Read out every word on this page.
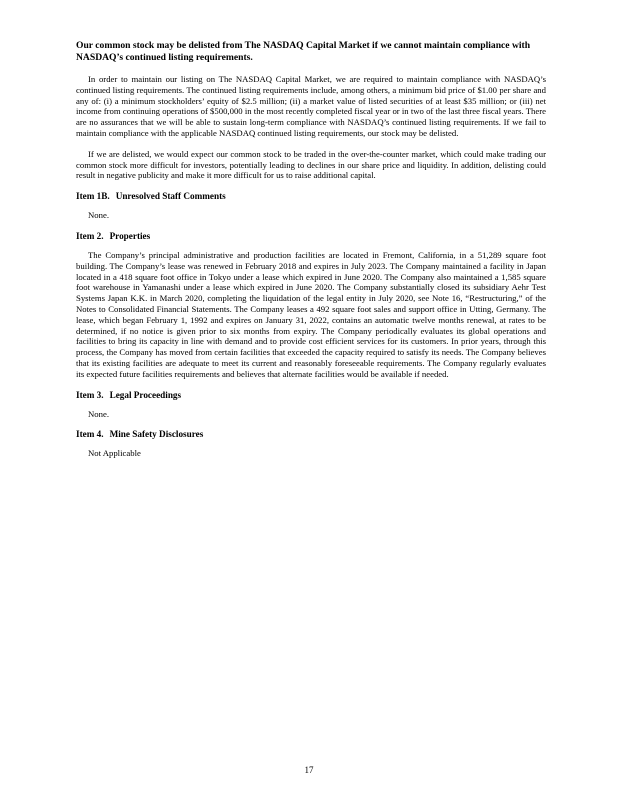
Our common stock may be delisted from The NASDAQ Capital Market if we cannot maintain compliance with NASDAQ’s continued listing requirements.

In order to maintain our listing on The NASDAQ Capital Market, we are required to maintain compliance with NASDAQ’s continued listing requirements. The continued listing requirements include, among others, a minimum bid price of $1.00 per share and any of: (i) a minimum stockholders’ equity of $2.5 million; (ii) a market value of listed securities of at least $35 million; or (iii) net income from continuing operations of $500,000 in the most recently completed fiscal year or in two of the last three fiscal years. There are no assurances that we will be able to sustain long-term compliance with NASDAQ’s continued listing requirements. If we fail to maintain compliance with the applicable NASDAQ continued listing requirements, our stock may be delisted.

If we are delisted, we would expect our common stock to be traded in the over-the-counter market, which could make trading our common stock more difficult for investors, potentially leading to declines in our share price and liquidity. In addition, delisting could result in negative publicity and make it more difficult for us to raise additional capital.

Item 1B. Unresolved Staff Comments

None.

Item 2. Properties

The Company’s principal administrative and production facilities are located in Fremont, California, in a 51,289 square foot building. The Company’s lease was renewed in February 2018 and expires in July 2023. The Company maintained a facility in Japan located in a 418 square foot office in Tokyo under a lease which expired in June 2020. The Company also maintained a 1,585 square foot warehouse in Yamanashi under a lease which expired in June 2020. The Company substantially closed its subsidiary Aehr Test Systems Japan K.K. in March 2020, completing the liquidation of the legal entity in July 2020, see Note 16, “Restructuring,” of the Notes to Consolidated Financial Statements. The Company leases a 492 square foot sales and support office in Utting, Germany. The lease, which began February 1, 1992 and expires on January 31, 2022, contains an automatic twelve months renewal, at rates to be determined, if no notice is given prior to six months from expiry. The Company periodically evaluates its global operations and facilities to bring its capacity in line with demand and to provide cost efficient services for its customers. In prior years, through this process, the Company has moved from certain facilities that exceeded the capacity required to satisfy its needs. The Company believes that its existing facilities are adequate to meet its current and reasonably foreseeable requirements. The Company regularly evaluates its expected future facilities requirements and believes that alternate facilities would be available if needed.

Item 3. Legal Proceedings

None.

Item 4. Mine Safety Disclosures

Not Applicable

17
